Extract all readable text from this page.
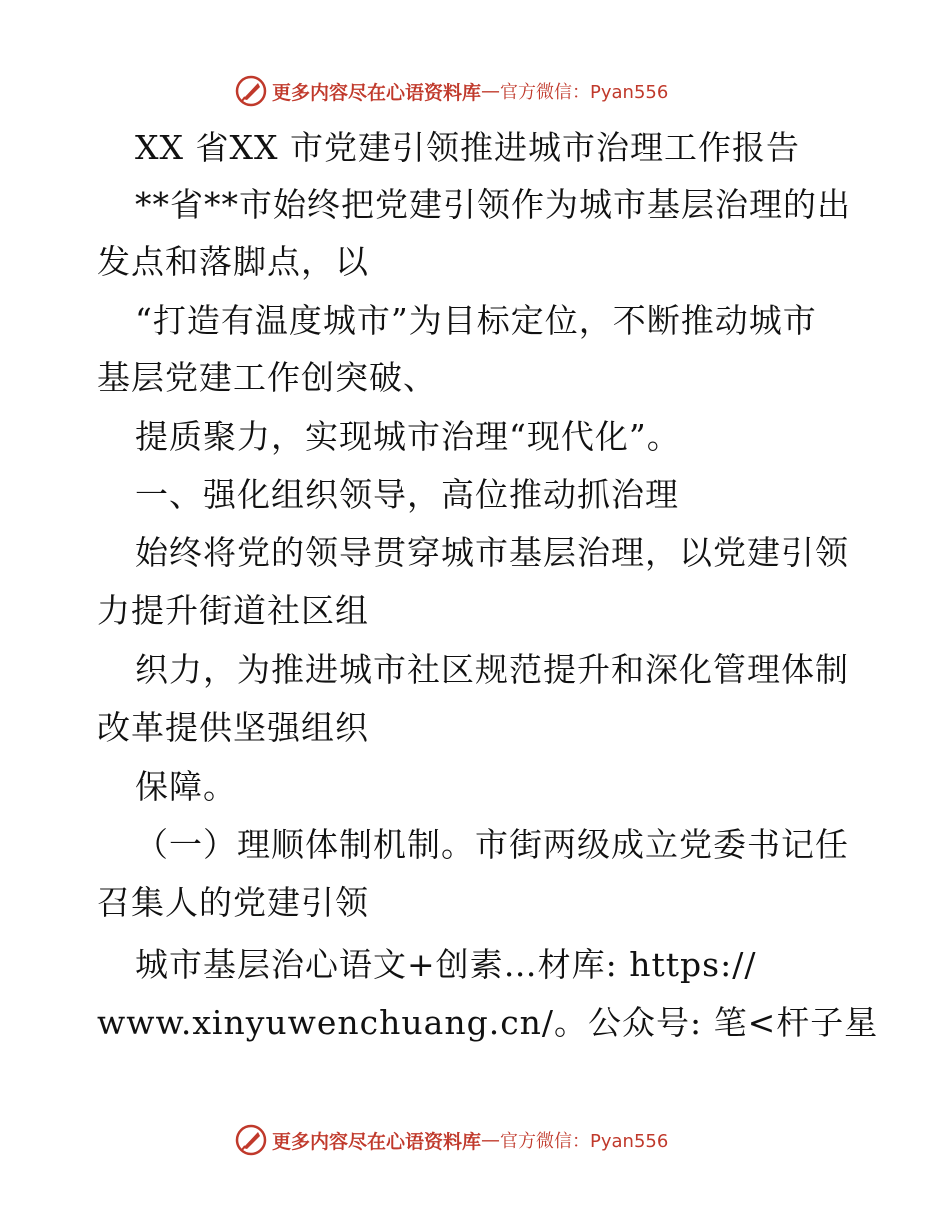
更多内容尽在心语资料库 — 官方微信：Pyan556
XX 省XX 市党建引领推进城市治理工作报告
**省**市始终把党建引领作为城市基层治理的出
发点和落脚点，以
“打造有温度城市”为目标定位，不断推动城市
基层党建工作创突破、
提质聚力，实现城市治理“现代化”。
一、强化组织领导，高位推动抓治理
始终将党的领导贯穿城市基层治理，以党建引领
力提升街道社区组
织力，为推进城市社区规范提升和深化管理体制
改革提供坚强组织
保障。
（一）理顺体制机制。市街两级成立党委书记任
召集人的党建引领
城市基层治心语文+创素…材库: https://
www.xinyuwenchuang.cn/。公众号: 笔<杆子星
更多内容尽在心语资料库 — 官方微信：Pyan556
